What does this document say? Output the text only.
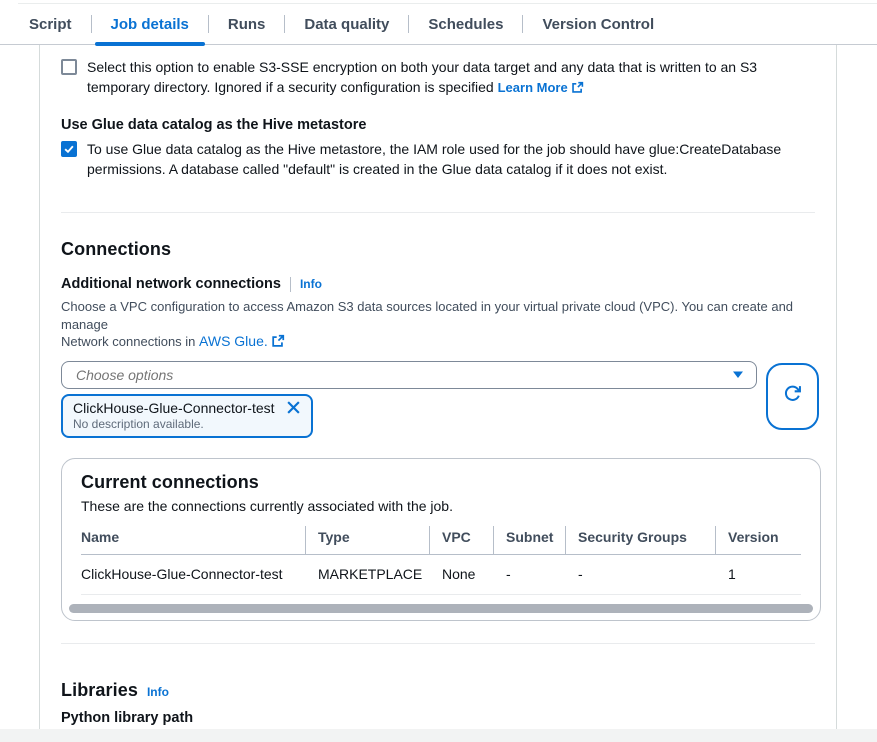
Script	Job details	Runs	Data quality	Schedules	Version Control
Select this option to enable S3-SSE encryption on both your data target and any data that is written to an S3 temporary directory. Ignored if a security configuration is specified Learn More
Use Glue data catalog as the Hive metastore
To use Glue data catalog as the Hive metastore, the IAM role used for the job should have glue:CreateDatabase permissions. A database called "default" is created in the Glue data catalog if it does not exist.
Connections
Additional network connections Info
Choose a VPC configuration to access Amazon S3 data sources located in your virtual private cloud (VPC). You can create and manage
Network connections in AWS Glue.
Choose options
ClickHouse-Glue-Connector-test
No description available.
Current connections
These are the connections currently associated with the job.
Name	Type	VPC	Subnet	Security Groups	Version
ClickHouse-Glue-Connector-test	MARKETPLACE	None	-	-	1
Libraries Info
Python library path
